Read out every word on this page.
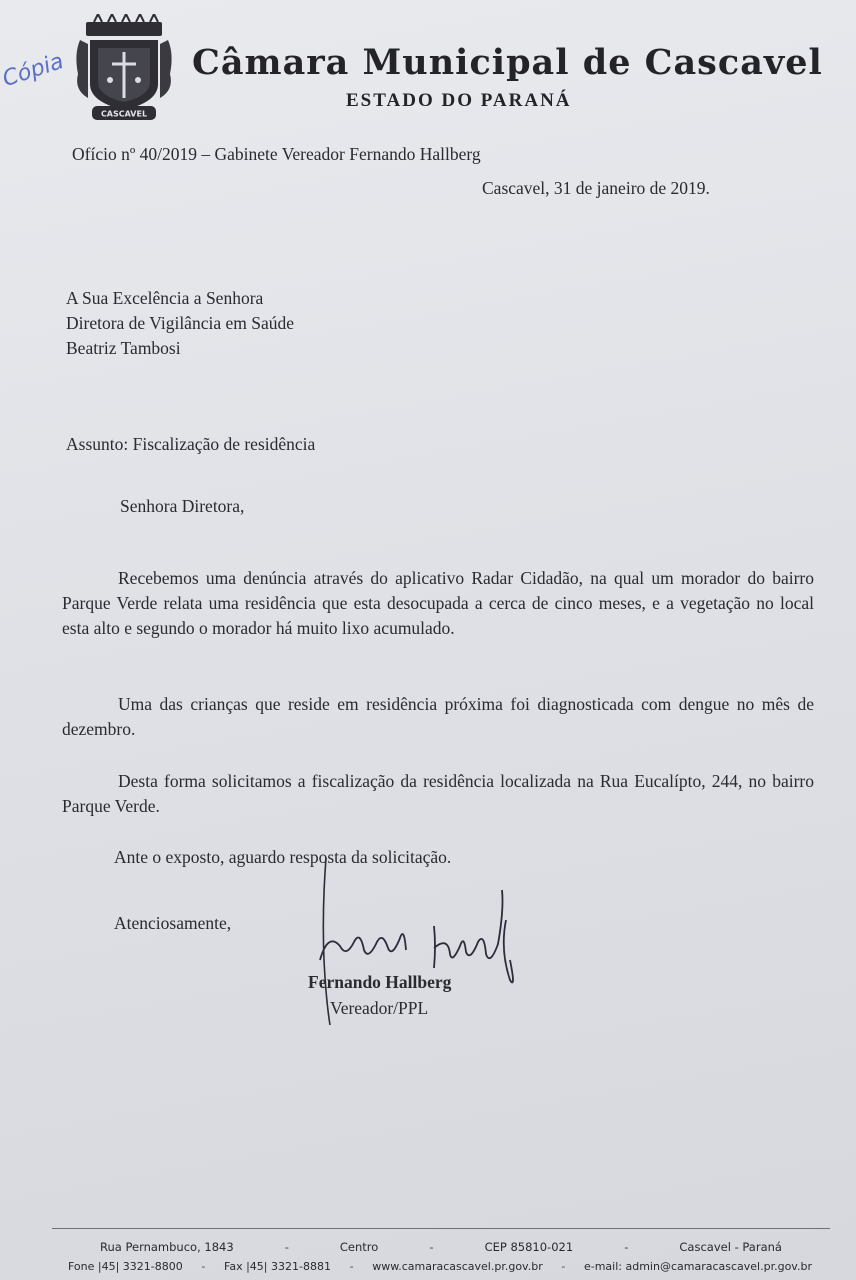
Cópia
CASCAVEL
Câmara Municipal de Cascavel
ESTADO DO PARANÁ
Ofício nº 40/2019 – Gabinete Vereador Fernando Hallberg
Cascavel, 31 de janeiro de 2019.
A Sua Excelência a Senhora
Diretora de Vigilância em Saúde
Beatriz Tambosi
Assunto: Fiscalização de residência
Senhora Diretora,
Recebemos uma denúncia através do aplicativo Radar Cidadão, na qual um morador do bairro Parque Verde relata uma residência que esta desocupada a cerca de cinco meses, e a vegetação no local esta alto e segundo o morador há muito lixo acumulado.
Uma das crianças que reside em residência próxima foi diagnosticada com dengue no mês de dezembro.
Desta forma solicitamos a fiscalização da residência localizada na Rua Eucalípto, 244, no bairro Parque Verde.
Ante o exposto, aguardo resposta da solicitação.
Atenciosamente,
Fernando Hallberg
Vereador/PPL
Rua Pernambuco, 1843	-	Centro	-	CEP 85810-021	-	Cascavel - Paraná
Fone |45| 3321-8800 - Fax |45| 3321-8881 - www.camaracascavel.pr.gov.br - e-mail: admin@camaracascavel.pr.gov.br
